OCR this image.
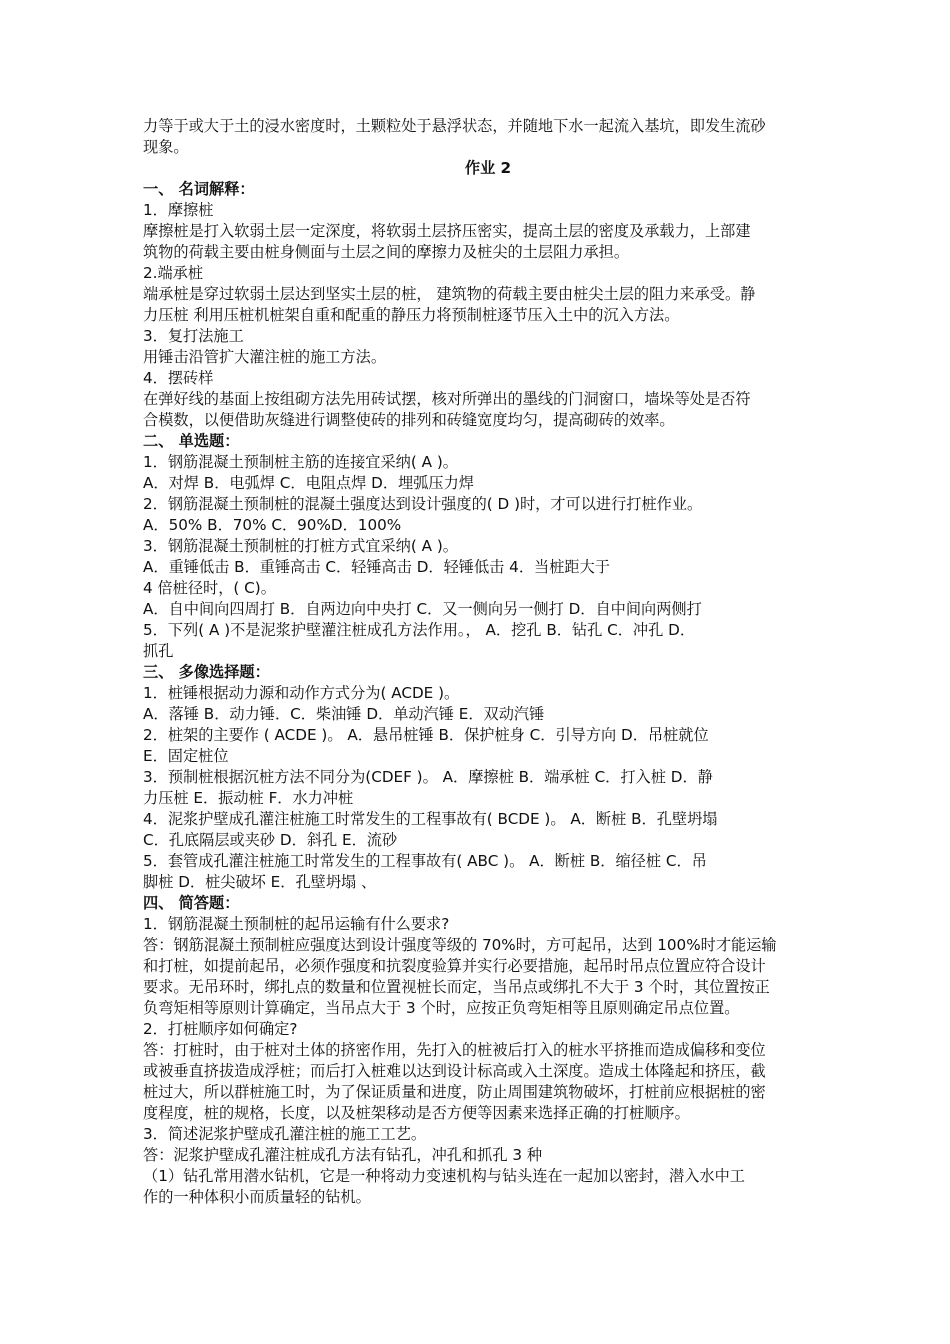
力等于或大于土的浸水密度时，土颗粒处于悬浮状态，并随地下水一起流入基坑，即发生流砂
现象。
作业 2
一、 名词解释：
1．摩擦桩
摩擦桩是打入软弱土层一定深度，将软弱土层挤压密实，提高土层的密度及承载力，上部建
筑物的荷载主要由桩身侧面与土层之间的摩擦力及桩尖的土层阻力承担。
2.端承桩
端承桩是穿过软弱土层达到坚实土层的桩， 建筑物的荷载主要由桩尖土层的阻力来承受。静
力压桩 利用压桩机桩架自重和配重的静压力将预制桩逐节压入土中的沉入方法。
3．复打法施工
用锤击沿管扩大灌注桩的施工方法。
4．摆砖样
在弹好线的基面上按组砌方法先用砖试摆，核对所弹出的墨线的门洞窗口，墙垛等处是否符
合模数，以便借助灰缝进行调整使砖的排列和砖缝宽度均匀，提高砌砖的效率。
二、 单选题：
1．钢筋混凝土预制桩主筋的连接宜采纳( A )。
A．对焊 B．电弧焊 C．电阻点焊 D．埋弧压力焊
2．钢筋混凝土预制桩的混凝土强度达到设计强度的( D )时，才可以进行打桩作业。
A．50% B．70% C．90%D．100%
3．钢筋混凝土预制桩的打桩方式宜采纳( A )。
A．重锤低击 B．重锤高击 C．轻锤高击 D．轻锤低击 4．当桩距大于
4 倍桩径时，( C)。
A．自中间向四周打 B．自两边向中央打 C．又一侧向另一侧打 D．自中间向两侧打
5．下列( A )不是泥浆护壁灌注桩成孔方法作用。， A．挖孔 B．钻孔 C．冲孔 D．
抓孔
三、 多像选择题：
1．桩锤根据动力源和动作方式分为( ACDE )。
A．落锤 B．动力锤．C．柴油锤 D．单动汽锤 E．双动汽锤
2．桩架的主要作 ( ACDE )。 A．悬吊桩锤 B．保护桩身 C．引导方向 D．吊桩就位
E．固定桩位
3．预制桩根据沉桩方法不同分为(CDEF )。 A．摩擦桩 B．端承桩 C．打入桩 D．静
力压桩 E．振动桩 F．水力冲桩
4．泥浆护壁成孔灌注桩施工时常发生的工程事故有( BCDE )。 A．断桩 B．孔壁坍塌
C．孔底隔层或夹砂 D．斜孔 E．流砂
5．套管成孔灌注桩施工时常发生的工程事故有( ABC )。 A．断桩 B．缩径桩 C．吊
脚桩 D．桩尖破坏 E．孔壁坍塌 、
四、 简答题：
1．钢筋混凝土预制桩的起吊运输有什么要求?
答：钢筋混凝土预制桩应强度达到设计强度等级的 70%时，方可起吊，达到 100%时才能运输
和打桩，如提前起吊，必须作强度和抗裂度验算并实行必要措施，起吊时吊点位置应符合设计
要求。无吊环时，绑扎点的数量和位置视桩长而定，当吊点或绑扎不大于 3 个时，其位置按正
负弯矩相等原则计算确定，当吊点大于 3 个时，应按正负弯矩相等且原则确定吊点位置。
2．打桩顺序如何确定?
答：打桩时，由于桩对土体的挤密作用，先打入的桩被后打入的桩水平挤推而造成偏移和变位
或被垂直挤拔造成浮桩；而后打入桩难以达到设计标高或入土深度。造成土体隆起和挤压，截
桩过大，所以群桩施工时，为了保证质量和进度，防止周围建筑物破坏，打桩前应根据桩的密
度程度，桩的规格，长度，以及桩架移动是否方便等因素来选择正确的打桩顺序。
3．简述泥浆护壁成孔灌注桩的施工工艺。
答：泥浆护壁成孔灌注桩成孔方法有钻孔，冲孔和抓孔 3 种
（1）钻孔常用潜水钻机，它是一种将动力变速机构与钻头连在一起加以密封，潜入水中工
作的一种体积小而质量轻的钻机。
